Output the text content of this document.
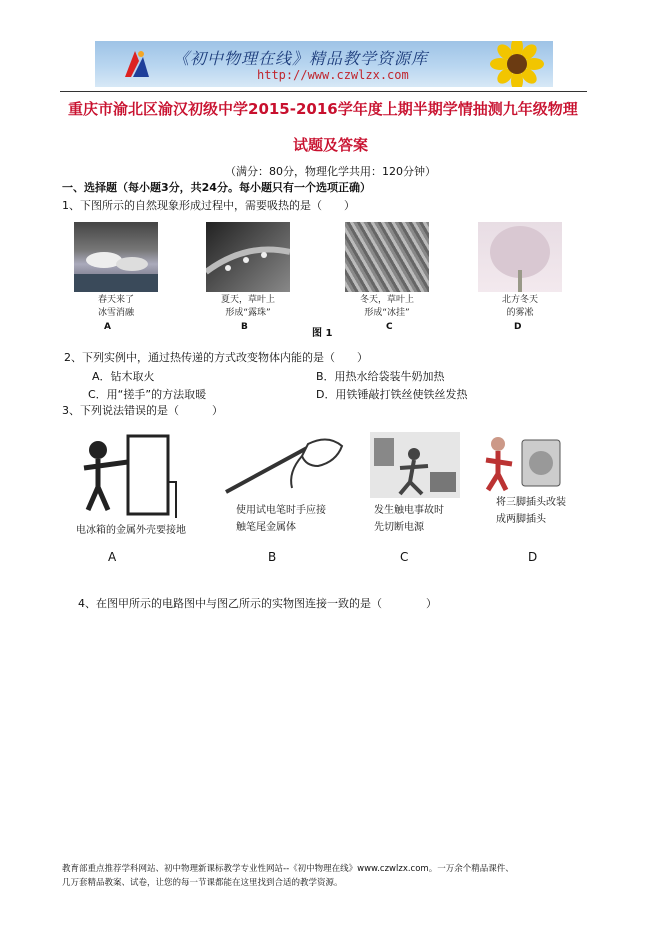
《初中物理在线》精品教学资源库
http://www.czwlzx.com
重庆市渝北区渝汉初级中学2015-2016学年度上期半期学情抽测九年级物理
试题及答案
（满分：80分，物理化学共用：120分钟）
一、选择题（每小题3分，共24分。每小题只有一个选项正确）
1、下图所示的自然现象形成过程中，需要吸热的是（　　）
春天来了
冰雪消融
夏天，草叶上
形成“露珠”
冬天，草叶上
形成“冰挂”
北方冬天
的雾凇
A	B	C	D
图 1
2、下列实例中，通过热传递的方式改变物体内能的是（　　）
A．钻木取火	B．用热水给袋装牛奶加热
C．用“搓手”的方法取暖	D．用铁锤敲打铁丝使铁丝发热
3、下列说法错误的是（　　　）
电冰箱的金属外壳要接地
使用试电笔时手应接
触笔尾金属体
发生触电事故时
先切断电源
将三脚插头改装
成两脚插头
A	B	C	D
4、在图甲所示的电路图中与图乙所示的实物图连接一致的是（　　　　）
教育部重点推荐学科网站、初中物理新课标教学专业性网站--《初中物理在线》www.czwlzx.com。一万余个精品课件、
几万套精品教案、试卷，让您的每一节课都能在这里找到合适的教学资源。
